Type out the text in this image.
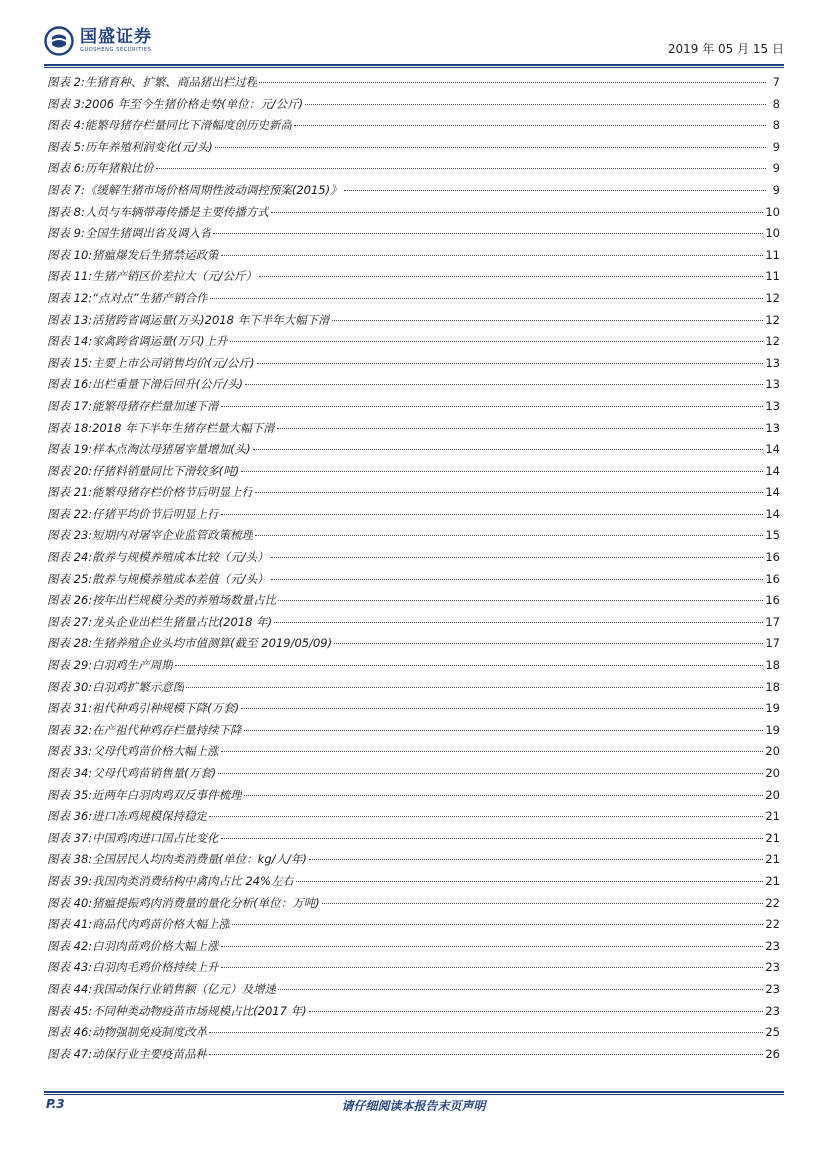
国盛证券
GUOSHENG SECURITIES	2019 年 05 月 15 日
图表 2: 生猪育种、扩繁、商品猪出栏过程	7
图表 3: 2006 年至今生猪价格走势(单位：元/公斤)	8
图表 4: 能繁母猪存栏量同比下滑幅度创历史新高	8
图表 5: 历年养殖利润变化(元/头)	9
图表 6: 历年猪粮比价	9
图表 7: 《缓解生猪市场价格周期性波动调控预案(2015)》	9
图表 8: 人员与车辆带毒传播是主要传播方式	10
图表 9: 全国生猪调出省及调入省	10
图表 10: 猪瘟爆发后生猪禁运政策	11
图表 11: 生猪产销区价差拉大（元/公斤）	11
图表 12: “点对点”生猪产销合作	12
图表 13: 活猪跨省调运量(万头)2018 年下半年大幅下滑	12
图表 14: 家禽跨省调运量(万只)上升	12
图表 15: 主要上市公司销售均价(元/公斤)	13
图表 16: 出栏重量下滑后回升(公斤/头)	13
图表 17: 能繁母猪存栏量加速下滑	13
图表 18: 2018 年下半年生猪存栏量大幅下滑	13
图表 19: 样本点淘汰母猪屠宰量增加(头)	14
图表 20: 仔猪料销量同比下滑较多(吨)	14
图表 21: 能繁母猪存栏价格节后明显上行	14
图表 22: 仔猪平均价节后明显上行	14
图表 23: 短期内对屠宰企业监管政策梳理	15
图表 24: 散养与规模养殖成本比较（元/头）	16
图表 25: 散养与规模养殖成本差值（元/头）	16
图表 26: 按年出栏规模分类的养殖场数量占比	16
图表 27: 龙头企业出栏生猪量占比(2018 年)	17
图表 28: 生猪养殖企业头均市值测算(截至 2019/05/09)	17
图表 29: 白羽鸡生产周期	18
图表 30: 白羽鸡扩繁示意图	18
图表 31: 祖代种鸡引种规模下降(万套)	19
图表 32: 在产祖代种鸡存栏量持续下降	19
图表 33: 父母代鸡苗价格大幅上涨	20
图表 34: 父母代鸡苗销售量(万套)	20
图表 35: 近两年白羽肉鸡双反事件梳理	20
图表 36: 进口冻鸡规模保持稳定	21
图表 37: 中国鸡肉进口国占比变化	21
图表 38: 全国居民人均肉类消费量(单位：kg/人/年)	21
图表 39: 我国肉类消费结构中禽肉占比 24%左右	21
图表 40: 猪瘟提振鸡肉消费量的量化分析(单位：万吨)	22
图表 41: 商品代肉鸡苗价格大幅上涨	22
图表 42: 白羽肉苗鸡价格大幅上涨	23
图表 43: 白羽肉毛鸡价格持续上升	23
图表 44: 我国动保行业销售额（亿元）及增速	23
图表 45: 不同种类动物疫苗市场规模占比(2017 年)	23
图表 46: 动物强制免疫制度改革	25
图表 47: 动保行业主要疫苗品种	26
请仔细阅读本报告末页声明
P.3
